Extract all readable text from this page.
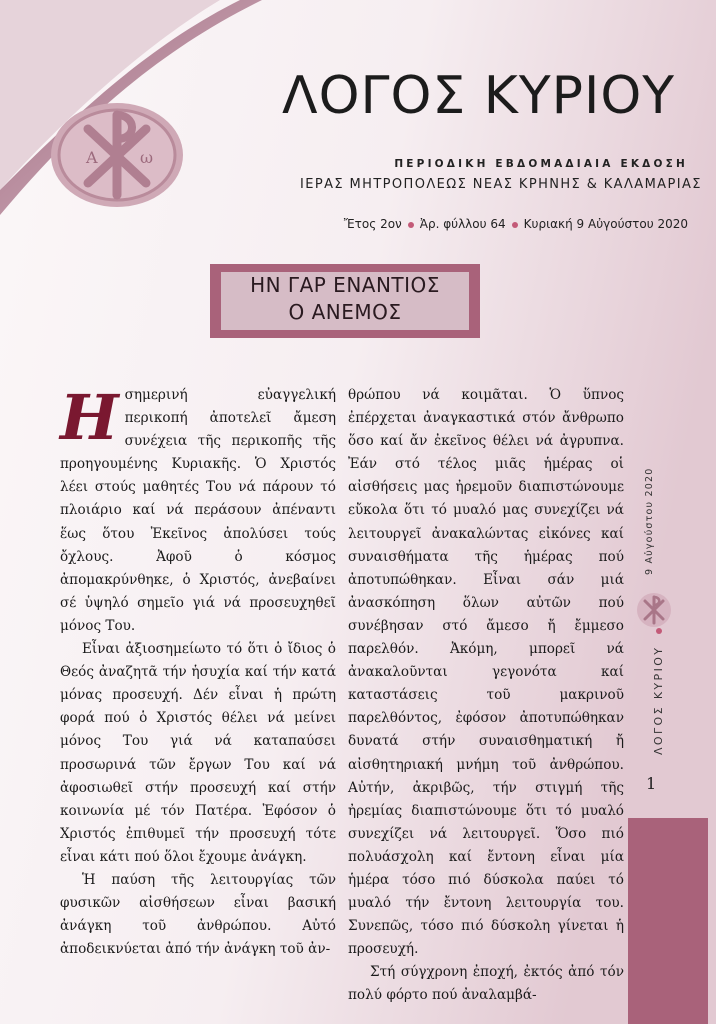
Α	ω
ΛΟΓΟΣ ΚΥΡΙΟΥ
ΠΕΡΙΟΔΙΚΗ ΕΒΔΟΜΑΔΙΑΙΑ ΕΚΔΟΣΗ
ΙΕΡΑΣ ΜΗΤΡΟΠΟΛΕΩΣ ΝΕΑΣ ΚΡΗΝΗΣ & ΚΑΛΑΜΑΡΙΑΣ
Ἔτος 2ον Ἀρ. φύλλου 64 Κυριακή 9 Αὐγούστου 2020
ΗΝ ΓΑΡ ΕΝΑΝΤΙΟΣ
Ο ΑΝΕΜΟΣ

Ησημερινή εὐαγγελική περικοπή ἀποτελεῖ ἄμεση συνέχεια τῆς περικοπῆς τῆς προηγουμένης Κυριακῆς. Ὁ Χριστός λέει στούς μαθητές Του νά πάρουν τό πλοιάριο καί νά περάσουν ἀπέναντι ἕως ὅτου Ἐκεῖνος ἀπολύσει τούς ὄχλους. Ἀφοῦ ὁ κόσμος ἀπομακρύνθηκε, ὁ Χριστός, ἀνεβαίνει σέ ὑψηλό σημεῖο γιά νά προσευχηθεῖ μόνος Του.

Εἶναι ἀξιοσημείωτο τό ὅτι ὁ ἴδιος ὁ Θεός ἀναζητᾶ τήν ἡσυχία καί τήν κατά μόνας προσευχή. Δέν εἶναι ἡ πρώτη φορά πού ὁ Χριστός θέλει νά μείνει μόνος Του γιά νά καταπαύσει προσωρινά τῶν ἔργων Του καί νά ἀφοσιωθεῖ στήν προσευχή καί στήν κοινωνία μέ τόν Πατέρα. Ἐφόσον ὁ Χριστός ἐπιθυμεῖ τήν προσευχή τότε εἶναι κάτι πού ὅλοι ἔχουμε ἀνάγκη.

Ἡ παύση τῆς λειτουργίας τῶν φυσικῶν αἰσθήσεων εἶναι βασική ἀνάγκη τοῦ ἀνθρώπου. Αὐτό ἀποδεικνύεται ἀπό τήν ἀνάγκη τοῦ ἀν-

θρώπου νά κοιμᾶται. Ὁ ὕπνος ἐπέρχεται ἀναγκαστικά στόν ἄνθρωπο ὅσο καί ἄν ἐκεῖνος θέλει νά ἀγρυπνα. Ἐάν στό τέλος μιᾶς ἡμέρας οἱ αἰσθήσεις μας ἠρεμοῦν διαπιστώνουμε εὔκολα ὅτι τό μυαλό μας συνεχίζει νά λειτουργεῖ ἀνακαλώντας εἰκόνες καί συναισθήματα τῆς ἡμέρας πού ἀποτυπώθηκαν. Εἶναι σάν μιά ἀνασκόπηση ὅλων αὐτῶν πού συνέβησαν στό ἄμεσο ἤ ἔμμεσο παρελθόν. Ἀκόμη, μπορεῖ νά ἀνακαλοῦνται γεγονότα καί καταστάσεις τοῦ μακρινοῦ παρελθόντος, ἐφόσον ἀποτυπώθηκαν δυνατά στήν συναισθηματική ἤ αἰσθητηριακή μνήμη τοῦ ἀνθρώπου. Αὐτήν, ἀκριβῶς, τήν στιγμή τῆς ἠρεμίας διαπιστώνουμε ὅτι τό μυαλό συνεχίζει νά λειτουργεῖ. Ὅσο πιό πολυάσχολη καί ἔντονη εἶναι μία ἡμέρα τόσο πιό δύσκολα παύει τό μυαλό τήν ἔντονη λειτουργία του. Συνεπῶς, τόσο πιό δύσκολη γίνεται ἡ προσευχή.

Στή σύγχρονη ἐποχή, ἐκτός ἀπό τόν πολύ φόρτο πού ἀναλαμβά-

9 Αὐγούστου 2020
ΛΟΓΟΣ ΚΥΡΙΟΥ
1
